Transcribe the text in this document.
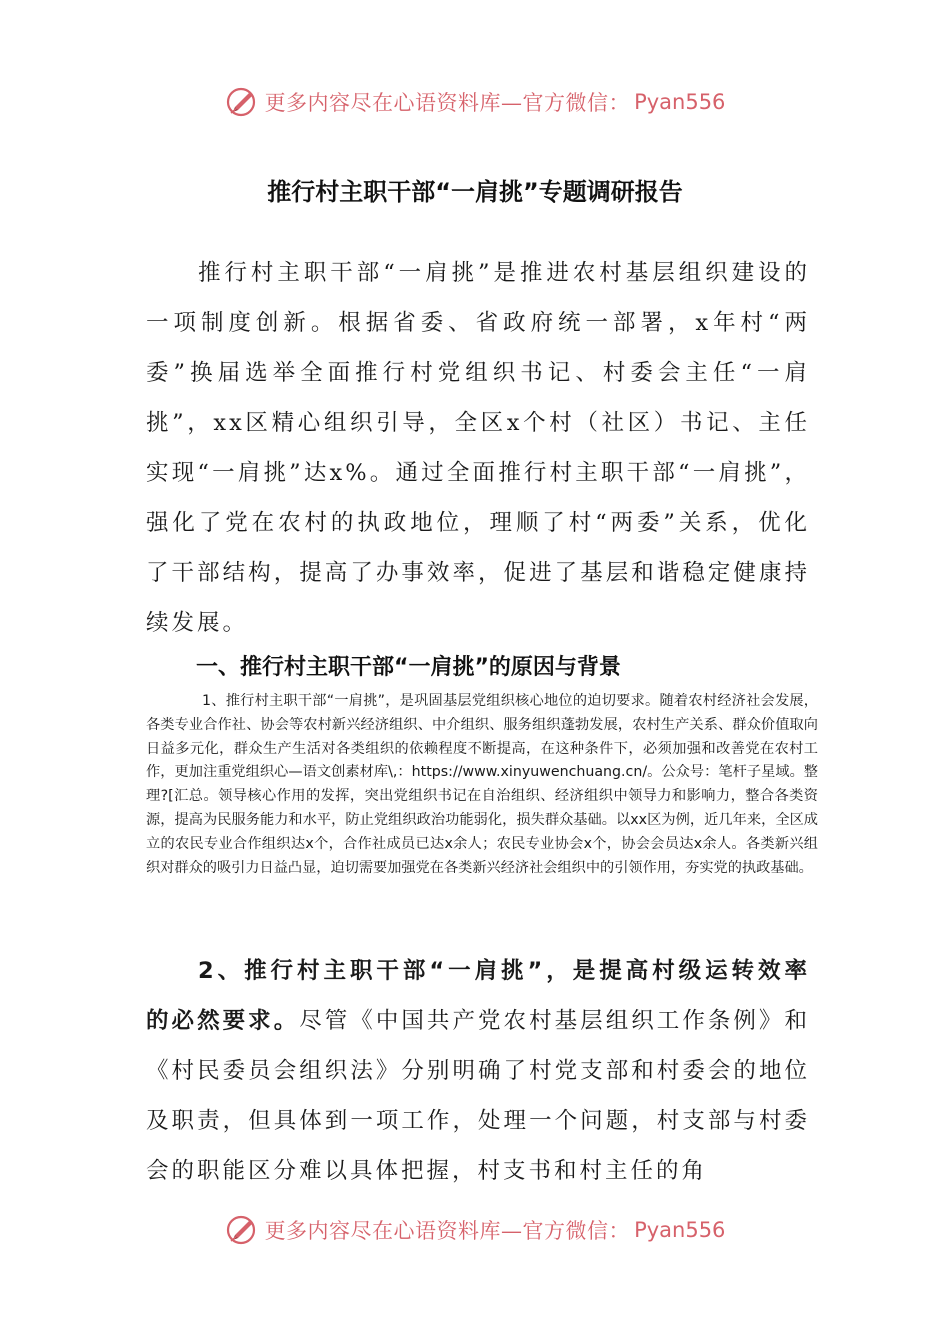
更多内容尽在心语资料库—官方微信： Pyan556
推行村主职干部“一肩挑”专题调研报告

推行村主职干部“一肩挑”是推进农村基层组织建设的一项制度创新。根据省委、省政府统一部署，x年村“两委”换届选举全面推行村党组织书记、村委会主任“一肩挑”，xx区精心组织引导，全区x个村（社区）书记、主任实现“一肩挑”达x%。通过全面推行村主职干部“一肩挑”，强化了党在农村的执政地位，理顺了村“两委”关系，优化了干部结构，提高了办事效率，促进了基层和谐稳定健康持续发展。

一、推行村主职干部“一肩挑”的原因与背景

1、推行村主职干部“一肩挑”，是巩固基层党组织核心地位的迫切要求。随着农村经济社会发展，各类专业合作社、协会等农村新兴经济组织、中介组织、服务组织蓬勃发展，农村生产关系、群众价值取向日益多元化，群众生产生活对各类组织的依赖程度不断提高，在这种条件下，必须加强和改善党在农村工作，更加注重党组织心—语文创素材库\,：https://www.xinyuwenchuang.cn/。公众号：笔杆子星域。整理?[汇总。领导核心作用的发挥，突出党组织书记在自治组织、经济组织中领导力和影响力，整合各类资源，提高为民服务能力和水平，防止党组织政治功能弱化，损失群众基础。以xx区为例，近几年来，全区成立的农民专业合作组织达x个，合作社成员已达x余人；农民专业协会x个，协会会员达x余人。各类新兴组织对群众的吸引力日益凸显，迫切需要加强党在各类新兴经济社会组织中的引领作用，夯实党的执政基础。

2、推行村主职干部“一肩挑”，是提高村级运转效率的必然要求。尽管《中国共产党农村基层组织工作条例》和《村民委员会组织法》分别明确了村党支部和村委会的地位及职责，但具体到一项工作，处理一个问题，村支部与村委会的职能区分难以具体把握，村支书和村主任的角

更多内容尽在心语资料库—官方微信： Pyan556
